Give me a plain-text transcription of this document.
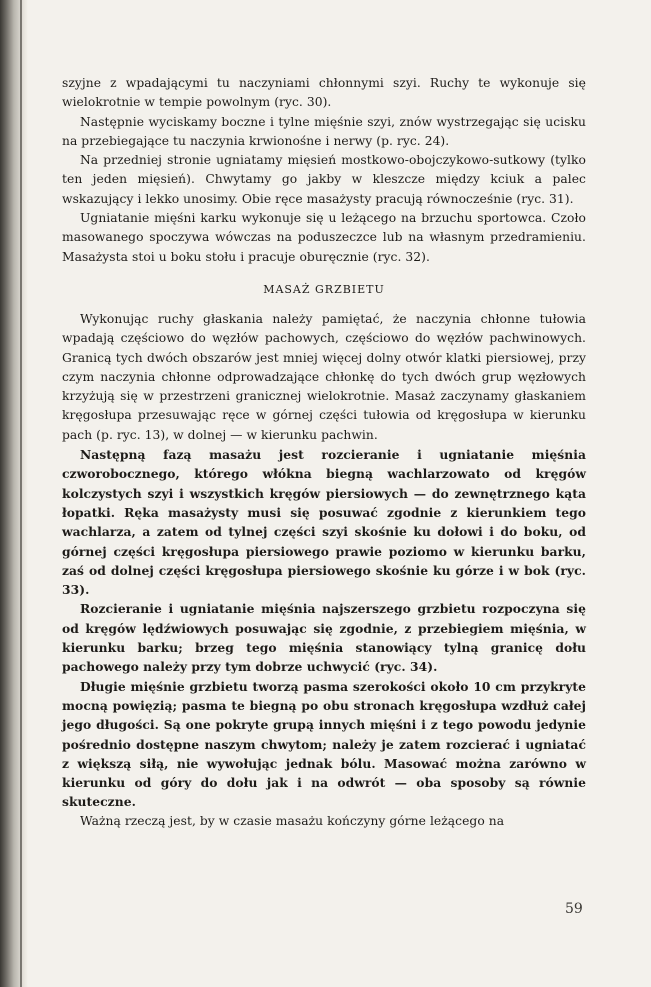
szyjne z wpadającymi tu naczyniami chłonnymi szyi. Ruchy te wykonuje się wielokrotnie w tempie powolnym (ryc. 30).

Następnie wyciskamy boczne i tylne mięśnie szyi, znów wystrzegając się ucisku na przebiegające tu naczynia krwionośne i nerwy (p. ryc. 24).

Na przedniej stronie ugniatamy mięsień mostkowo-obojczykowo-sutkowy (tylko ten jeden mięsień). Chwytamy go jakby w kleszcze między kciuk a palec wskazujący i lekko unosimy. Obie ręce masażysty pracują równocześnie (ryc. 31).

Ugniatanie mięśni karku wykonuje się u leżącego na brzuchu sportowca. Czoło masowanego spoczywa wówczas na poduszeczce lub na własnym przedramieniu. Masażysta stoi u boku stołu i pracuje oburęcznie (ryc. 32).

MASAŻ GRZBIETU

Wykonując ruchy głaskania należy pamiętać, że naczynia chłonne tułowia wpadają częściowo do węzłów pachowych, częściowo do węzłów pachwinowych. Granicą tych dwóch obszarów jest mniej więcej dolny otwór klatki piersiowej, przy czym naczynia chłonne odprowadzające chłonkę do tych dwóch grup węzłowych krzyżują się w przestrzeni granicznej wielokrotnie. Masaż zaczynamy głaskaniem kręgosłupa przesuwając ręce w górnej części tułowia od kręgosłupa w kierunku pach (p. ryc. 13), w dolnej — w kierunku pachwin.

Następną fazą masażu jest rozcieranie i ugniatanie mięśnia czworobocznego, którego włókna biegną wachlarzowato od kręgów kolczystych szyi i wszystkich kręgów piersiowych — do zewnętrznego kąta łopatki. Ręka masażysty musi się posuwać zgodnie z kierunkiem tego wachlarza, a zatem od tylnej części szyi skośnie ku dołowi i do boku, od górnej części kręgosłupa piersiowego prawie poziomo w kierunku barku, zaś od dolnej części kręgosłupa piersiowego skośnie ku górze i w bok (ryc. 33).

Rozcieranie i ugniatanie mięśnia najszerszego grzbietu rozpoczyna się od kręgów lędźwiowych posuwając się zgodnie, z przebiegiem mięśnia, w kierunku barku; brzeg tego mięśnia stanowiący tylną granicę dołu pachowego należy przy tym dobrze uchwycić (ryc. 34).

Długie mięśnie grzbietu tworzą pasma szerokości około 10 cm przykryte mocną powięzią; pasma te biegną po obu stronach kręgosłupa wzdłuż całej jego długości. Są one pokryte grupą innych mięśni i z tego powodu jedynie pośrednio dostępne naszym chwytom; należy je zatem rozcierać i ugniatać z większą siłą, nie wywołując jednak bólu. Masować można zarówno w kierunku od góry do dołu jak i na odwrót — oba sposoby są równie skuteczne.

Ważną rzeczą jest, by w czasie masażu kończyny górne leżącego na

59
